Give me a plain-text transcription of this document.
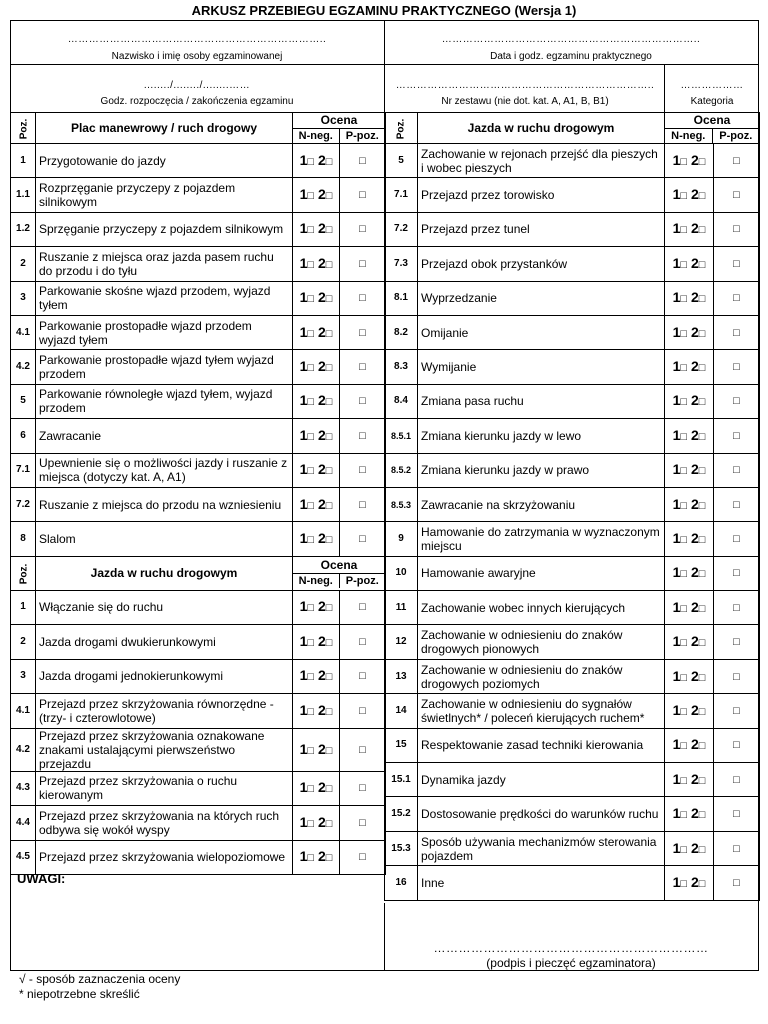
ARKUSZ PRZEBIEGU EGZAMINU PRAKTYCZNEGO (Wersja 1)
………………………………………………………………..
Nazwisko i imię osoby egzaminowanej
………………………………………………………………..
Data i godz. egzaminu praktycznego
......../......../........……
Godz. rozpoczęcia / zakończenia egzaminu
………………………………………………………………..
Nr zestawu (nie dot. kat. A, A1, B, B1)
………………
Kategoria
Poz.	Plac manewrowy / ruch drogowy	Ocena
N-neg. P-poz.	

1	Przygotowanie do jazdy	1□ 2□	□
1.1	Rozprzęganie przyczepy z pojazdem silnikowym	1□ 2□	□
1.2	Sprzęganie przyczepy z pojazdem silnikowym	1□ 2□	□
2	Ruszanie z miejsca oraz jazda pasem ruchu do przodu i do tyłu	1□ 2□	□
3	Parkowanie skośne wjazd przodem, wyjazd tyłem	1□ 2□	□
4.1	Parkowanie prostopadłe wjazd przodem wyjazd tyłem	1□ 2□	□
4.2	Parkowanie prostopadłe wjazd tyłem wyjazd przodem	1□ 2□	□
5	Parkowanie równoległe wjazd tyłem, wyjazd przodem	1□ 2□	□
6	Zawracanie	1□ 2□	□
7.1	Upewnienie się o możliwości jazdy i ruszanie z miejsca (dotyczy kat. A, A1)	1□ 2□	□
7.2	Ruszanie z miejsca do przodu na wzniesieniu	1□ 2□	□
8	Slalom	1□ 2□	□
Poz.	Jazda w ruchu drogowym	Ocena
N-neg. P-poz.	

1	Włączanie się do ruchu	1□ 2□	□
2	Jazda drogami dwukierunkowymi	1□ 2□	□
3	Jazda drogami jednokierunkowymi	1□ 2□	□
4.1	Przejazd przez skrzyżowania równorzędne - (trzy- i czterowlotowe)	1□ 2□	□
4.2	Przejazd przez skrzyżowania oznakowane znakami ustalającymi pierwszeństwo przejazdu	1□ 2□	□
4.3	Przejazd przez skrzyżowania o ruchu kierowanym	1□ 2□	□
4.4	Przejazd przez skrzyżowania na których ruch odbywa się wokół wyspy	1□ 2□	□
4.5	Przejazd przez skrzyżowania wielopoziomowe	1□ 2□	□
Poz.	Jazda w ruchu drogowym	Ocena
N-neg. P-poz.	

5	Zachowanie w rejonach przejść dla pieszych i wobec pieszych	1□ 2□	□
7.1	Przejazd przez torowisko	1□ 2□	□
7.2	Przejazd przez tunel	1□ 2□	□
7.3	Przejazd obok przystanków	1□ 2□	□
8.1	Wyprzedzanie	1□ 2□	□
8.2	Omijanie	1□ 2□	□
8.3	Wymijanie	1□ 2□	□
8.4	Zmiana pasa ruchu	1□ 2□	□
8.5.1	Zmiana kierunku jazdy w lewo	1□ 2□	□
8.5.2	Zmiana kierunku jazdy w prawo	1□ 2□	□
8.5.3	Zawracanie na skrzyżowaniu	1□ 2□	□
9	Hamowanie do zatrzymania w wyznaczonym miejscu	1□ 2□	□
10	Hamowanie awaryjne	1□ 2□	□
11	Zachowanie wobec innych kierujących	1□ 2□	□
12	Zachowanie w odniesieniu do znaków drogowych pionowych	1□ 2□	□
13	Zachowanie w odniesieniu do znaków drogowych poziomych	1□ 2□	□
14	Zachowanie w odniesieniu do sygnałów świetlnych* / poleceń kierujących ruchem*	1□ 2□	□
15	Respektowanie zasad techniki kierowania	1□ 2□	□
15.1	Dynamika jazdy	1□ 2□	□
15.2	Dostosowanie prędkości do warunków ruchu	1□ 2□	□
15.3	Sposób używania mechanizmów sterowania pojazdem	1□ 2□	□
16	Inne	1□ 2□	□
UWAGI:
…………………………………………………………
(podpis i pieczęć egzaminatora)
√ - sposób zaznaczenia oceny
* niepotrzebne skreślić
